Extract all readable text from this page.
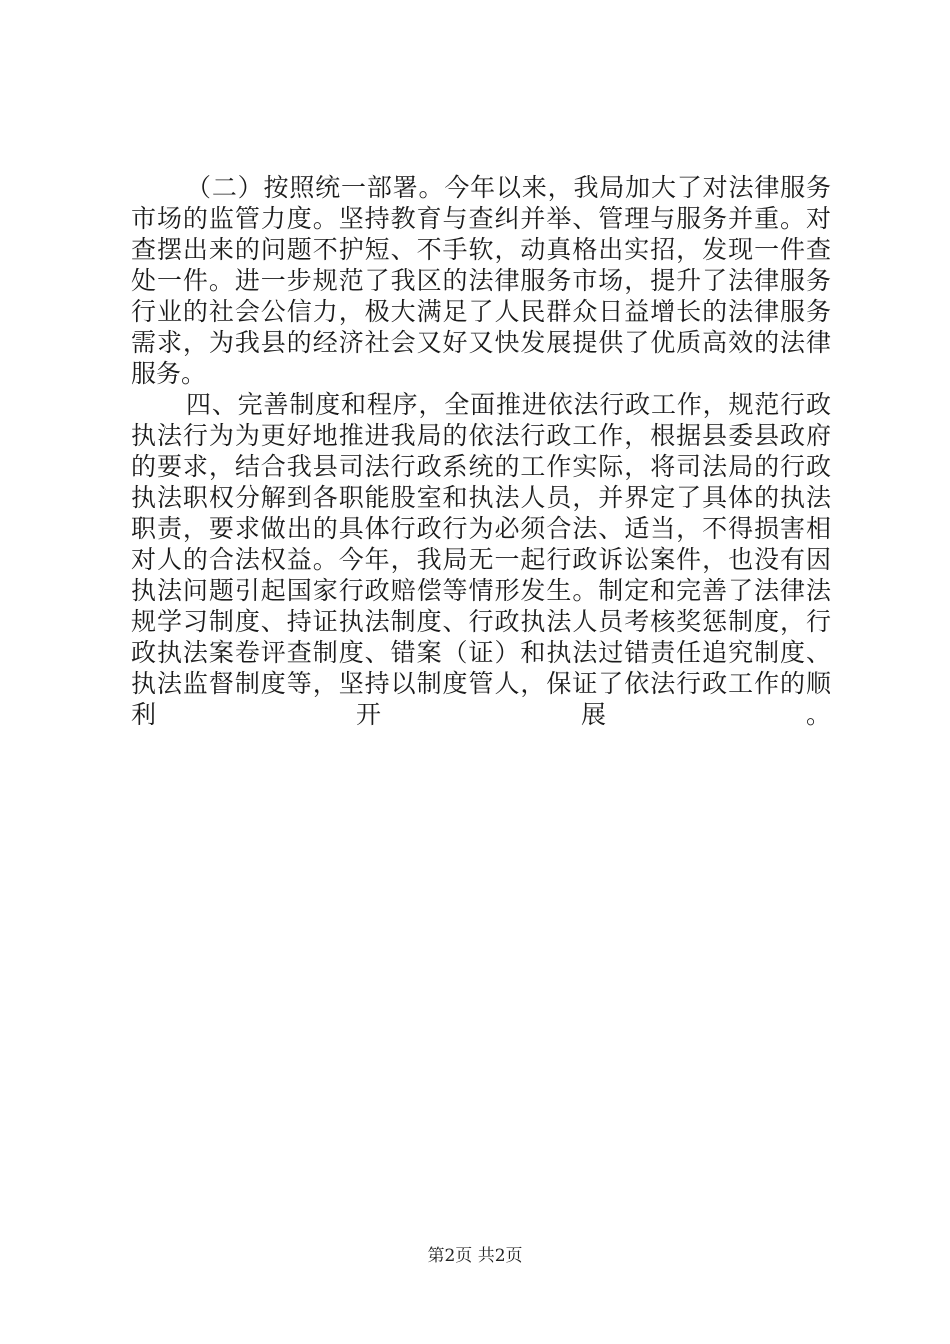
（二）按照统一部署。今年以来，我局加大了对法律服务
市场的监管力度。坚持教育与查纠并举、管理与服务并重。对
查摆出来的问题不护短、不手软，动真格出实招，发现一件查
处一件。进一步规范了我区的法律服务市场，提升了法律服务
行业的社会公信力，极大满足了人民群众日益增长的法律服务
需求，为我县的经济社会又好又快发展提供了优质高效的法律
服务。
四、完善制度和程序，全面推进依法行政工作，规范行政
执法行为为更好地推进我局的依法行政工作，根据县委县政府
的要求，结合我县司法行政系统的工作实际，将司法局的行政
执法职权分解到各职能股室和执法人员，并界定了具体的执法
职责，要求做出的具体行政行为必须合法、适当，不得损害相
对人的合法权益。今年，我局无一起行政诉讼案件，也没有因
执法问题引起国家行政赔偿等情形发生。制定和完善了法律法
规学习制度、持证执法制度、行政执法人员考核奖惩制度，行
政执法案卷评查制度、错案（证）和执法过错责任追究制度、
执法监督制度等，坚持以制度管人，保证了依法行政工作的顺
利开展。
第2页 共2页
